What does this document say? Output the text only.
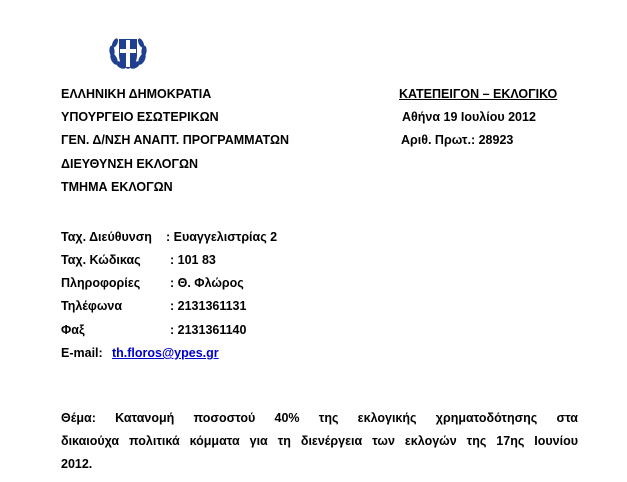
ΕΛΛΗΝΙΚΗ ΔΗΜΟΚΡΑΤΙΑ
ΥΠΟΥΡΓΕΙΟ ΕΣΩΤΕΡΙΚΩΝ
ΓΕΝ. Δ/ΝΣΗ ΑΝΑΠΤ. ΠΡΟΓΡΑΜΜΑΤΩΝ
ΔΙΕΥΘΥΝΣΗ ΕΚΛΟΓΩΝ
ΤΜΗΜΑ ΕΚΛΟΓΩΝ
ΚΑΤΕΠΕΙΓΟΝ – ΕΚΛΟΓΙΚΟ
Αθήνα 19 Ιουλίου 2012
Αριθ. Πρωτ.: 28923
Ταχ. Διεύθυνση : Ευαγγελιστρίας 2
Ταχ. Κώδικας : 101 83
Πληροφορίες : Θ. Φλώρος
Τηλέφωνα	: 2131361131
Φαξ	: 2131361140
E-mail: th.floros@ypes.gr
Θέμα: Κατανομή ποσοστού 40% της εκλογικής χρηματοδότησης στα
δικαιούχα πολιτικά κόμματα για τη διενέργεια των εκλογών της 17ης Ιουνίου
2012.
